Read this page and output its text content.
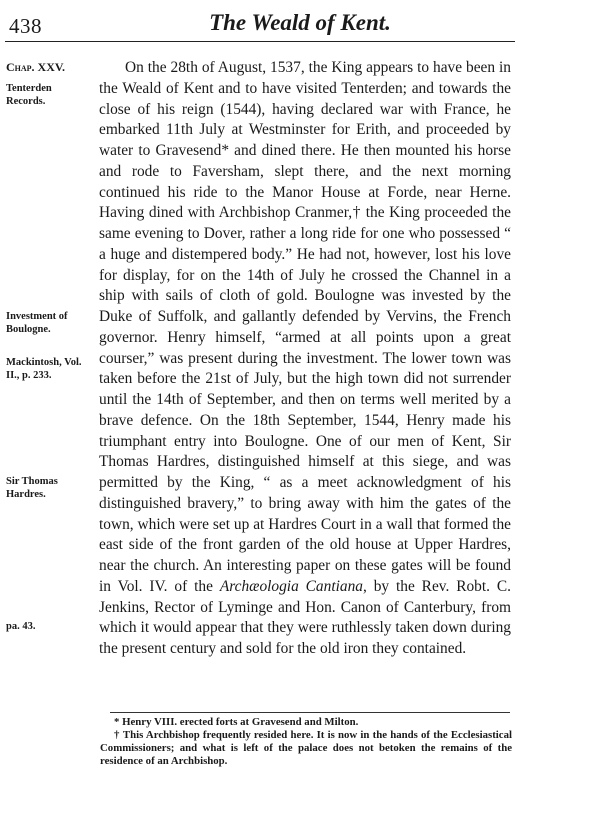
438	The Weald of Kent.
Chap. XXV.
Tenterden Records.
Investment of Boulogne.
Mackintosh, Vol. II., p. 233.
Sir Thomas Hardres.
pa. 43.

On the 28th of August, 1537, the King appears to have been in the Weald of Kent and to have visited Tenterden; and towards the close of his reign (1544), having declared war with France, he embarked 11th July at Westminster for Erith, and proceeded by water to Gravesend* and dined there. He then mounted his horse and rode to Faversham, slept there, and the next morning continued his ride to the Manor House at Forde, near Herne. Having dined with Archbishop Cranmer,† the King proceeded the same evening to Dover, rather a long ride for one who possessed “ a huge and distempered body.” He had not, however, lost his love for display, for on the 14th of July he crossed the Channel in a ship with sails of cloth of gold. Boulogne was invested by the Duke of Suffolk, and gallantly defended by Vervins, the French governor. Henry himself, “armed at all points upon a great courser,” was present during the investment. The lower town was taken before the 21st of July, but the high town did not surrender until the 14th of September, and then on terms well merited by a brave defence. On the 18th September, 1544, Henry made his triumphant entry into Boulogne. One of our men of Kent, Sir Thomas Hardres, distinguished himself at this siege, and was permitted by the King, “ as a meet acknowledgment of his distinguished bravery,” to bring away with him the gates of the town, which were set up at Hardres Court in a wall that formed the east side of the front garden of the old house at Upper Hardres, near the church. An interesting paper on these gates will be found in Vol. IV. of the Archæologia Cantiana, by the Rev. Robt. C. Jenkins, Rector of Lyminge and Hon. Canon of Canterbury, from which it would appear that they were ruthlessly taken down during the present century and sold for the old iron they contained.

* Henry VIII. erected forts at Gravesend and Milton.

† This Archbishop frequently resided here. It is now in the hands of the Ecclesiastical Commissioners; and what is left of the palace does not betoken the remains of the residence of an Archbishop.
